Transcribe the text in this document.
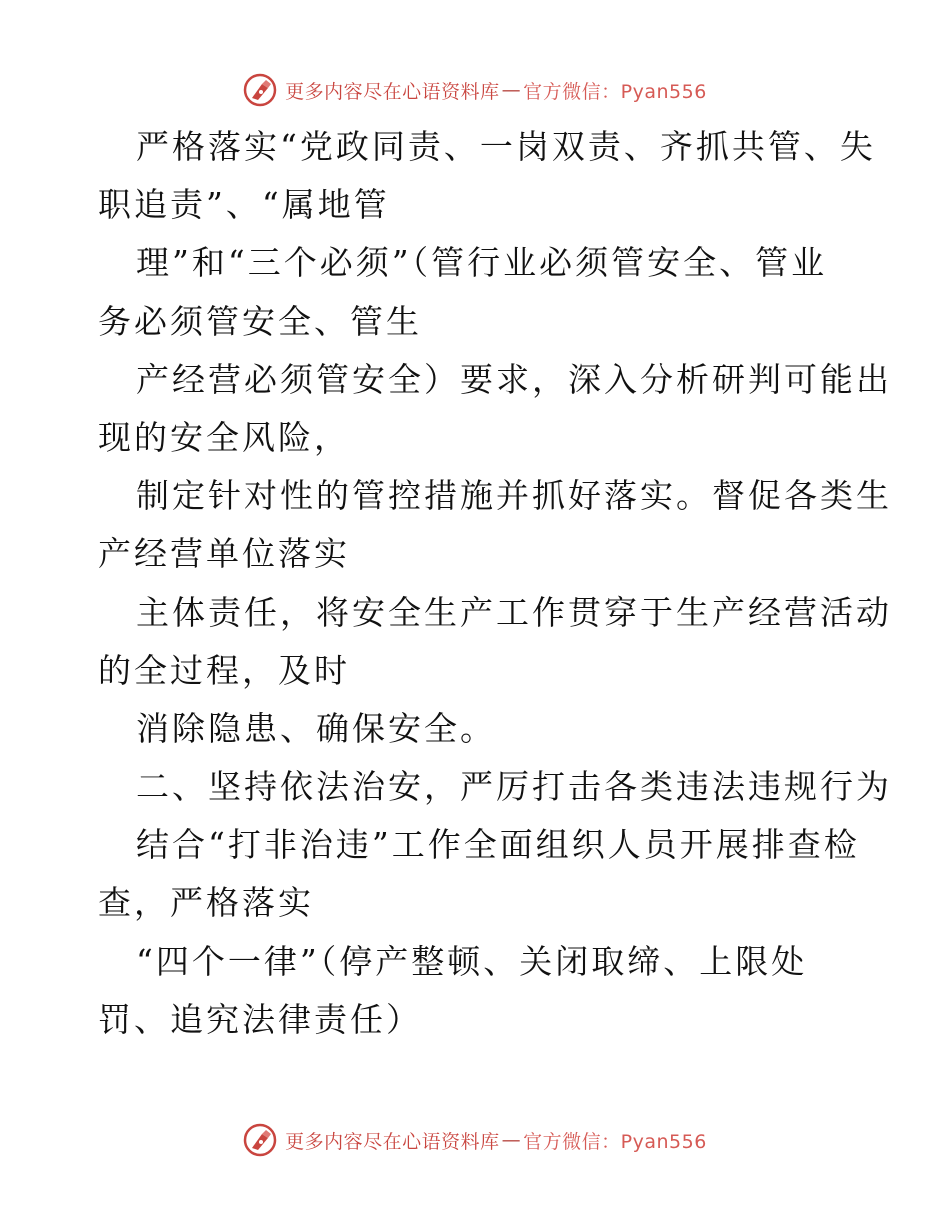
更多内容尽在心语资料库 — 官方微信：Pyan556
严格落实“党政同责、一岗双责、齐抓共管、失
职追责”、“属地管
理”和“三个必须”（管行业必须管安全、管业
务必须管安全、管生
产经营必须管安全）要求，深入分析研判可能出
现的安全风险，
制定针对性的管控措施并抓好落实。督促各类生
产经营单位落实
主体责任，将安全生产工作贯穿于生产经营活动
的全过程，及时
消除隐患、确保安全。
二、坚持依法治安，严厉打击各类违法违规行为
结合“打非治违”工作全面组织人员开展排查检
查，严格落实
“四个一律”（停产整顿、关闭取缔、上限处
罚、追究法律责任）
更多内容尽在心语资料库 — 官方微信：Pyan556
